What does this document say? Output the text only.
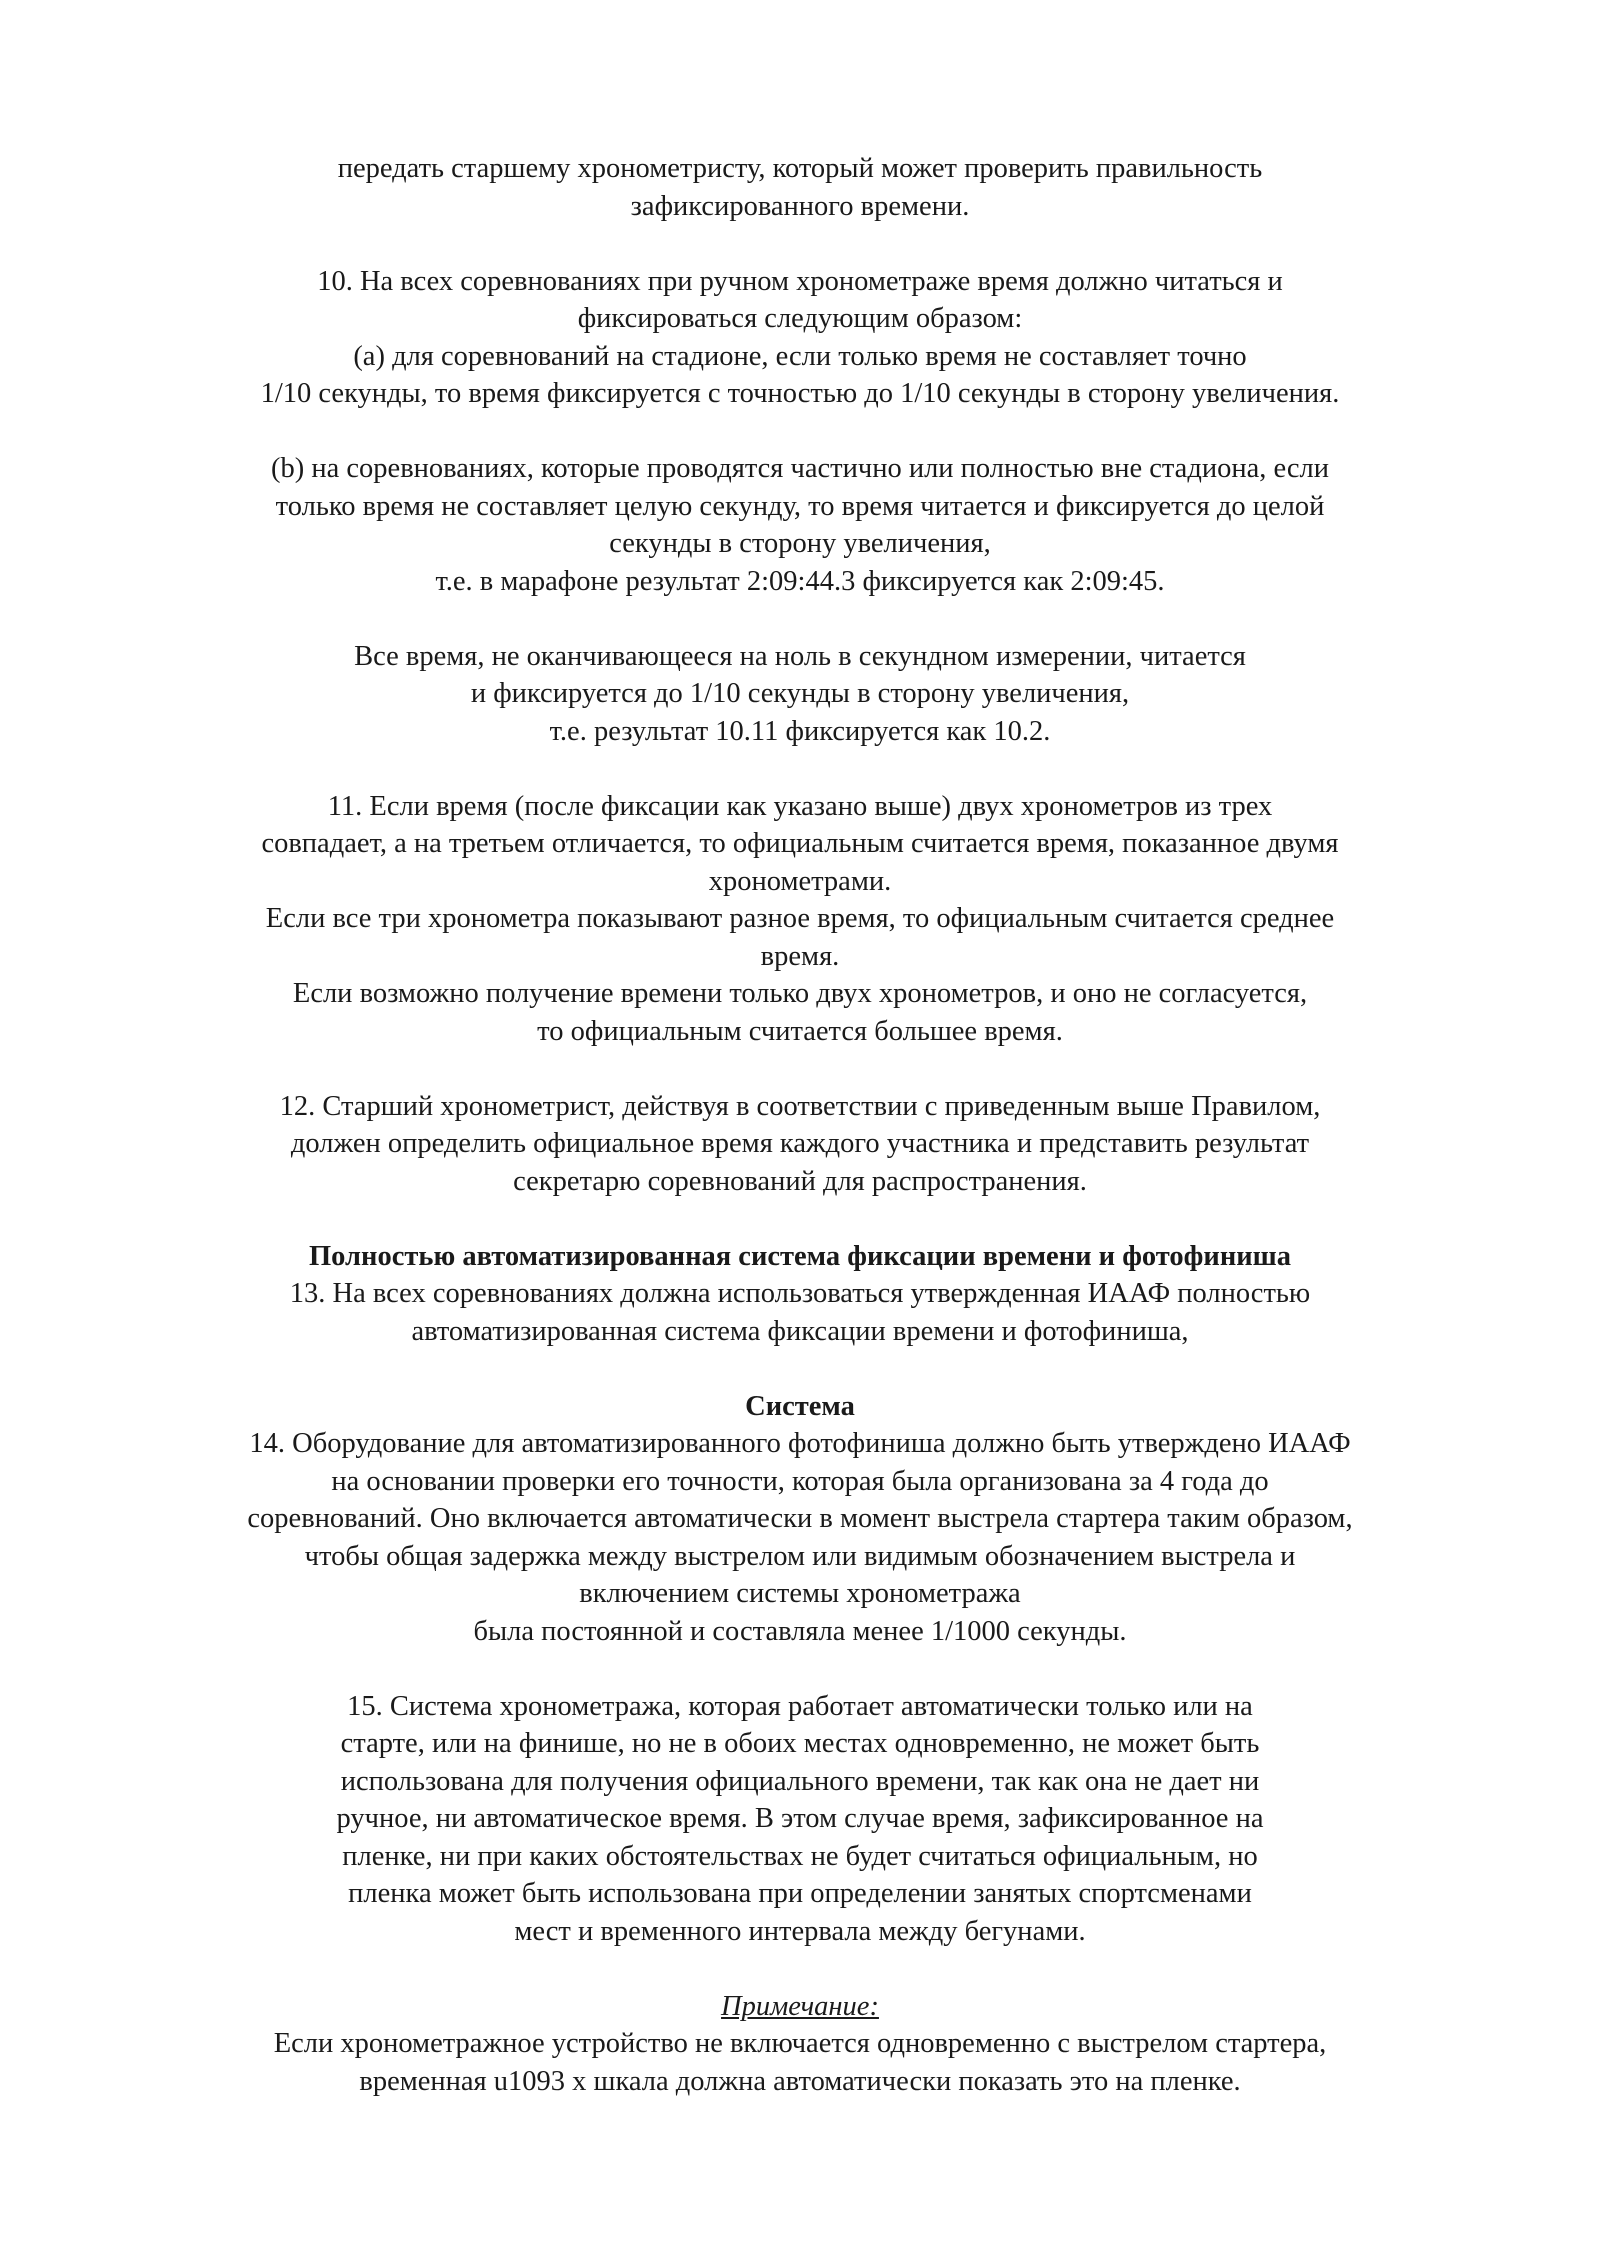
передать старшему хронометристу, который может проверить правильность
зафиксированного времени.
10. На всех соревнованиях при ручном хронометраже время должно читаться и
фиксироваться следующим образом:
(а) для соревнований на стадионе, если только время не составляет точно
1/10 секунды, то время фиксируется с точностью до 1/10 секунды в сторону увеличения.
(b) на соревнованиях, которые проводятся частично или полностью вне стадиона, если
только время не составляет целую секунду, то время читается и фиксируется до целой
секунды в сторону увеличения,
т.е. в марафоне результат 2:09:44.3 фиксируется как 2:09:45.
Все время, не оканчивающееся на ноль в секундном измерении, читается
и фиксируется до 1/10 секунды в сторону увеличения,
т.е. результат 10.11 фиксируется как 10.2.
11. Если время (после фиксации как указано выше) двух хронометров из трех
совпадает, а на третьем отличается, то официальным считается время, показанное двумя
хронометрами.
Если все три хронометра показывают разное время, то официальным считается среднее
время.
Если возможно получение времени только двух хронометров, и оно не согласуется,
то официальным считается большее время.
12. Старший хронометрист, действуя в соответствии с приведенным выше Правилом,
должен определить официальное время каждого участника и представить результат
секретарю соревнований для распространения.
Полностью автоматизированная система фиксации времени и фотофиниша
13. На всех соревнованиях должна использоваться утвержденная ИААФ полностью
автоматизированная система фиксации времени и фотофиниша,
Система
14. Оборудование для автоматизированного фотофиниша должно быть утверждено ИААФ
на основании проверки его точности, которая была организована за 4 года до
соревнований. Оно включается автоматически в момент выстрела стартера таким образом,
чтобы общая задержка между выстрелом или видимым обозначением выстрела и
включением системы хронометража
была постоянной и составляла менее 1/1000 секунды.
15. Система хронометража, которая работает автоматически только или на
старте, или на финише, но не в обоих местах одновременно, не может быть
использована для получения официального времени, так как она не дает ни
ручное, ни автоматическое время. В этом случае время, зафиксированное на
пленке, ни при каких обстоятельствах не будет считаться официальным, но
пленка может быть использована при определении занятых спортсменами
мест и временного интервала между бегунами.
Примечание:
Если хронометражное устройство не включается одновременно с выстрелом стартера,
временная u1093 х шкала должна автоматически показать это на пленке.
